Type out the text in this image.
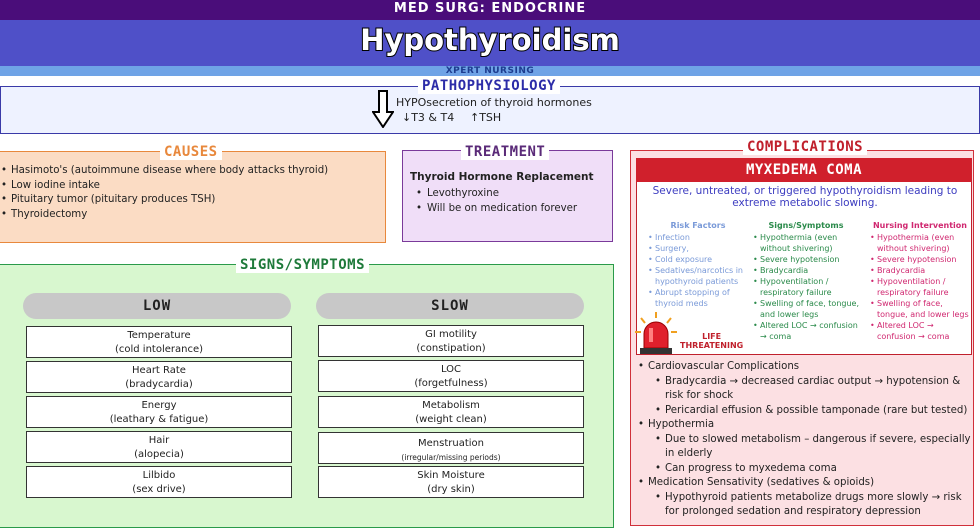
MED SURG: ENDOCRINE
Hypothyroidism
XPERT NURSING
PATHOPHYSIOLOGY
HYPOsecretion of thyroid hormones
↓T3 & T4 ↑TSH
• Hasimoto's (autoimmune disease where body attacks thyroid)
• Low iodine intake
• Pituitary tumor (pituitary produces TSH)
• Thyroidectomy
CAUSES
• Levothyroxine
• Will be on medication forever
TREATMENT
Thyroid Hormone Replacement
SIGNS/SYMPTOMS
LOW	SLOW
Temperature
(cold intolerance)
Heart Rate
(bradycardia)
Energy
(leathary & fatigue)
Hair
(alopecia)
Lilbido
(sex drive)
GI motility
(constipation)
LOC
(forgetfulness)
Metabolism
(weight clean)
Menstruation
(irregular/missing periods)
Skin Moisture
(dry skin)
COMPLICATIONS
MYXEDEMA COMA
Severe, untreated, or triggered hypothyroidism leading to extreme metabolic slowing.
Risk Factors
• Infection
• Surgery,
• Cold exposure
• Sedatives/narcotics in hypothyroid patients
• Abrupt stopping of thyroid meds
Signs/Symptoms
• Hypothermia (even without shivering)
• Severe hypotension
• Bradycardia
• Hypoventilation / respiratory failure
• Swelling of face, tongue, and lower legs
• Altered LOC → confusion → coma
Nursing Intervention
• Hypothermia (even without shivering)
• Severe hypotension
• Bradycardia
• Hypoventilation / respiratory failure
• Swelling of face, tongue, and lower legs
• Altered LOC → confusion → coma
LIFE
THREATENING
• Cardiovascular Complications
• Bradycardia → decreased cardiac output → hypotension & risk for shock
• Pericardial effusion & possible tamponade (rare but tested)
• Hypothermia
• Due to slowed metabolism – dangerous if severe, especially in elderly
• Can progress to myxedema coma
• Medication Sensativity (sedatives & opioids)
• Hypothyroid patients metabolize drugs more slowly → risk for prolonged sedation and respiratory depression
